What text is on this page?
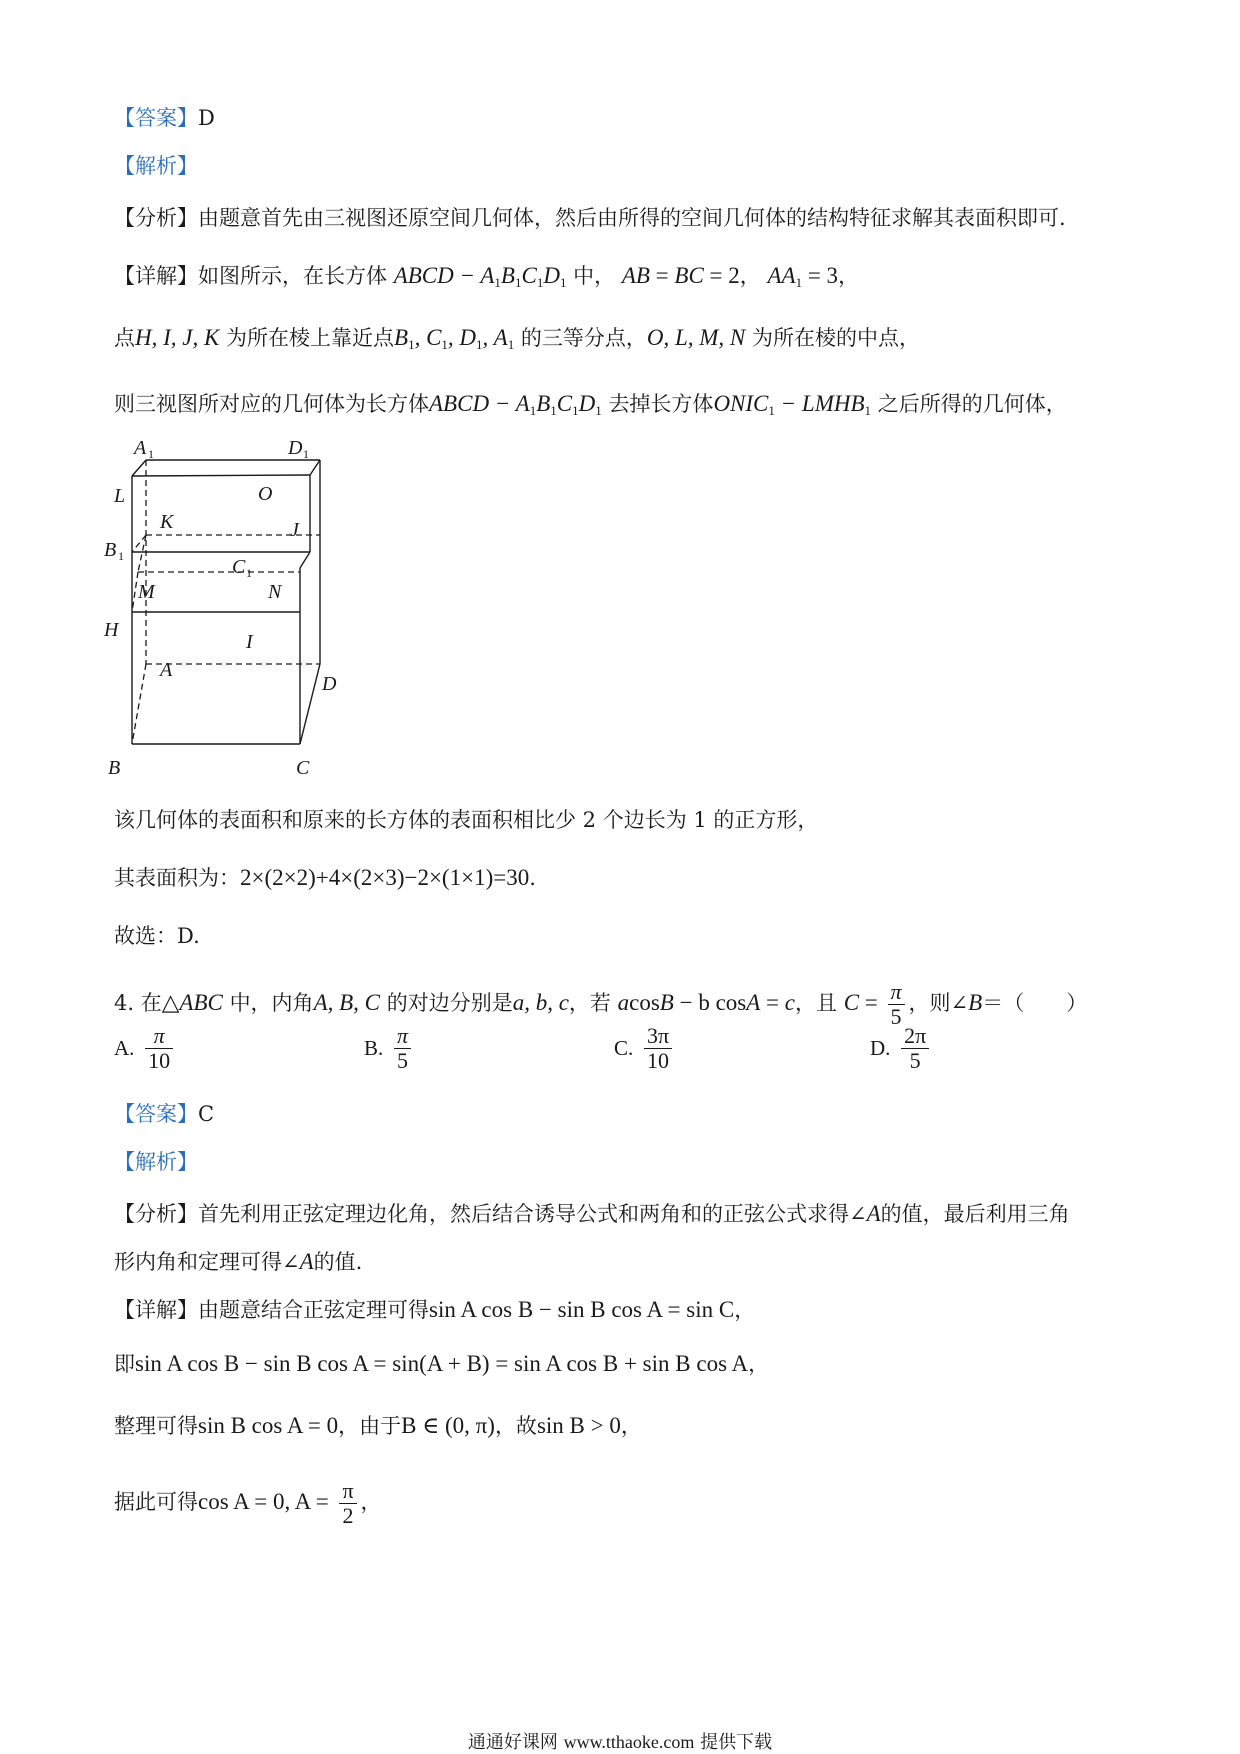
【答案】D
【解析】
【分析】由题意首先由三视图还原空间几何体，然后由所得的空间几何体的结构特征求解其表面积即可.
【详解】如图所示，在长方体 ABCD − $A_1B_1C_1D_1$ 中， AB = BC = 2， $AA_1 = 3$，
点H, I, J, K 为所在棱上靠近点$B_1$, $C_1$, $D_1$, $A_1$ 的三等分点，O, L, M, N 为所在棱的中点，
则三视图所对应的几何体为长方体ABCD − $A_1B_1C_1D_1$ 去掉长方体$ONIC_1$ − $LMHB_1$ 之后所得的几何体，
A 1	D 1
L	O
K	J
B 1	C 1
M	N
H
I
A
D
B	C
该几何体的表面积和原来的长方体的表面积相比少 2 个边长为 1 的正方形，
其表面积为：2×(2×2)+4×(2×3)−2×(1×1)=30.
故选：D.
4. 在△ABC 中，内角A, B, C 的对边分别是a, b, c，若 acosB − b cosA = c，且 $C = \frac{\pi}{5}$ ，则∠B＝（　　）
A. $\frac{\pi}{10}$	B. $\frac{\pi}{5}$	C. $\frac{3\pi}{10}$	D. $\frac{2\pi}{5}$
【答案】C
【解析】
【分析】首先利用正弦定理边化角，然后结合诱导公式和两角和的正弦公式求得∠A的值，最后利用三角
形内角和定理可得∠A的值.
【详解】由题意结合正弦定理可得sin A cos B − sin B cos A = sin C，
即sin A cos B − sin B cos A = sin(A + B) = sin A cos B + sin B cos A，
整理可得sin B cos A = 0，由于B ∈ (0, π)，故sin B > 0，
据此可得cos A = 0, $A = \frac{\pi}{2}$ ，
通通好课网 www.tthaoke.com 提供下载
